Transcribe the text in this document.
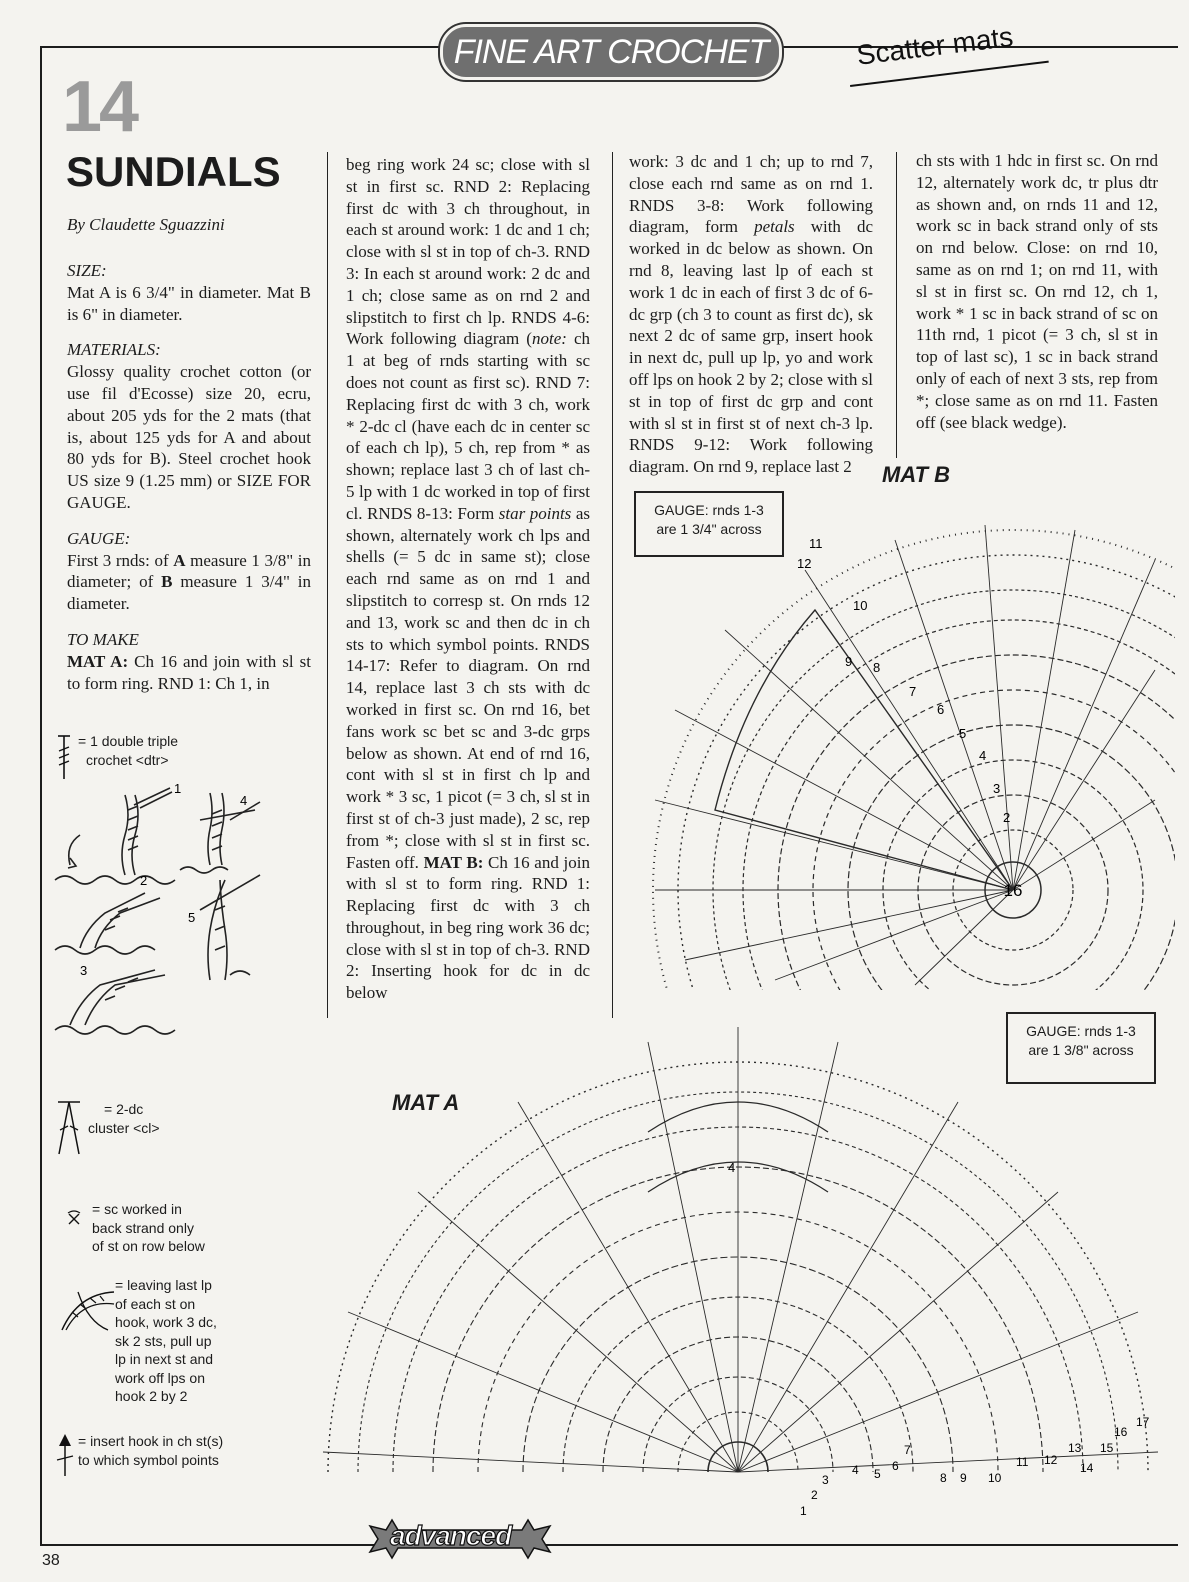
FINE ART CROCHET	Scatter mats
14
SUNDIALS
By Claudette Sguazzini

SIZE:

Mat A is 6 3/4" in diameter. Mat B is 6" in diameter.

MATERIALS:

Glossy quality crochet cotton (or use fil d'Ecosse) size 20, ecru, about 205 yds for the 2 mats (that is, about 125 yds for A and about 80 yds for B). Steel crochet hook US size 9 (1.25 mm) or SIZE FOR GAUGE.

GAUGE:

First 3 rnds: of A measure 1 3/8" in diameter; of B measure 1 3/4" in diameter.

TO MAKE

MAT A: Ch 16 and join with sl st to form ring. RND 1: Ch 1, in

beg ring work 24 sc; close with sl st in first sc. RND 2: Replacing first dc with 3 ch throughout, in each st around work: 1 dc and 1 ch; close with sl st in top of ch-3. RND 3: In each st around work: 2 dc and 1 ch; close same as on rnd 2 and slipstitch to first ch lp. RNDS 4-6: Work following diagram (note: ch 1 at beg of rnds starting with sc does not count as first sc). RND 7: Replacing first dc with 3 ch, work * 2-dc cl (have each dc in center sc of each ch lp), 5 ch, rep from * as shown; replace last 3 ch of last ch-5 lp with 1 dc worked in top of first cl. RNDS 8-13: Form star points as shown, alternately work ch lps and shells (= 5 dc in same st); close each rnd same as on rnd 1 and slipstitch to corresp st. On rnds 12 and 13, work sc and then dc in ch sts to which symbol points. RNDS 14-17: Refer to diagram. On rnd 14, replace last 3 ch sts with dc worked in first sc. On rnd 16, bet fans work sc bet sc and 3-dc grps below as shown. At end of rnd 16, cont with sl st in first ch lp and work * 3 sc, 1 picot (= 3 ch, sl st in first st of ch-3 just made), 2 sc, rep from *; close with sl st in first sc. Fasten off. MAT B: Ch 16 and join with sl st to form ring. RND 1: Replacing first dc with 3 ch throughout, in beg ring work 36 dc; close with sl st in top of ch-3. RND 2: Inserting hook for dc in dc below

work: 3 dc and 1 ch; up to rnd 7, close each rnd same as on rnd 1. RNDS 3-8: Work following diagram, form petals with dc worked in dc below as shown. On rnd 8, leaving last lp of each st work 1 dc in each of first 3 dc of 6-dc grp (ch 3 to count as first dc), sk next 2 dc of same grp, insert hook in next dc, pull up lp, yo and work off lps on hook 2 by 2; close with sl st in top of first dc grp and cont with sl st in first st of next ch-3 lp. RNDS 9-12: Work following diagram. On rnd 9, replace last 2

ch sts with 1 hdc in first sc. On rnd 12, alternately work dc, tr plus dtr as shown and, on rnds 11 and 12, work sc in back strand only of sts on rnd below. Close: on rnd 10, same as on rnd 1; on rnd 11, with sl st in first sc. On rnd 12, ch 1, work * 1 sc in back strand of sc on 11th rnd, 1 picot (= 3 ch, sl st in top of last sc), 1 sc in back strand only of each of next 3 sts, rep from *; close same as on rnd 11. Fasten off (see black wedge).

= 1 double triple
crochet <dtr>
1
2
3
4
5
= 2-dc
cluster <cl>
= sc worked in
back strand only
of st on row below
= leaving last lp
of each st on
hook, work 3 dc,
sk 2 sts, pull up
lp in next st and
work off lps on
hook 2 by 2
= insert hook in ch st(s)
to which symbol points
MAT B
GAUGE: rnds 1-3
are 1 3/4" across
16
2
3
4
5
6
7
8
9
10
11
12
MAT A
GAUGE: rnds 1-3
are 1 3/8" across
4
1
2
3
4 5
6
7
8 9 10
11 12
13
14
15
16
17
38
advanced
